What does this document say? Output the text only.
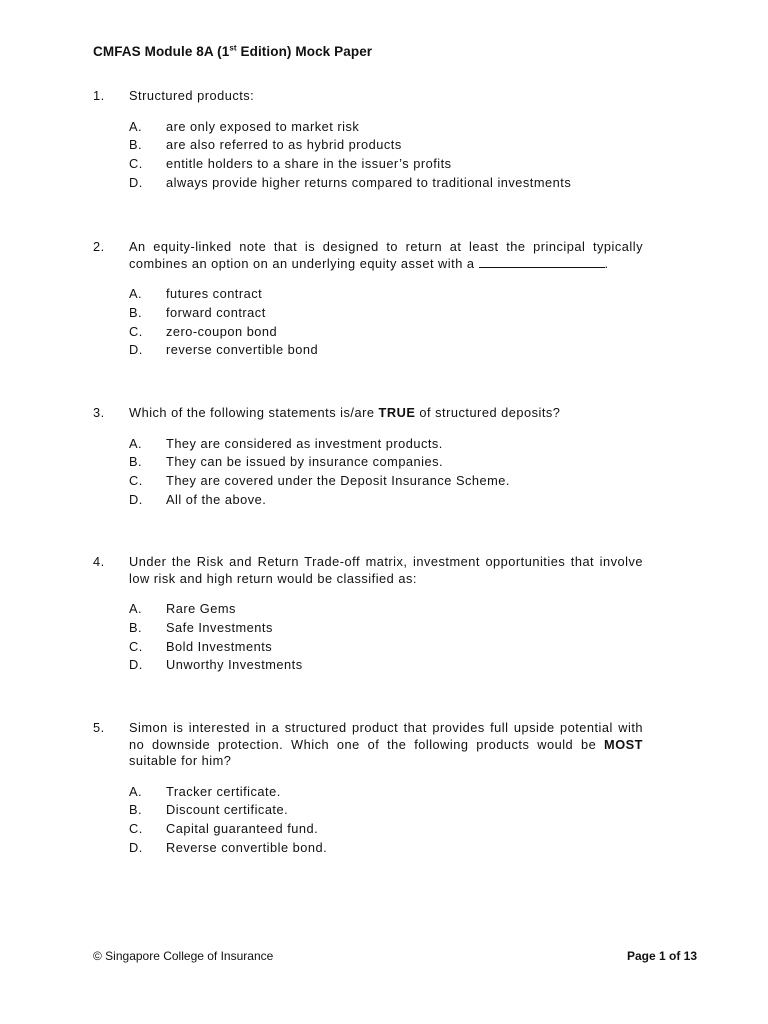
CMFAS Module 8A (1st Edition) Mock Paper
1. Structured products:
A. are only exposed to market risk
B. are also referred to as hybrid products
C. entitle holders to a share in the issuer’s profits
D. always provide higher returns compared to traditional investments
2. An equity-linked note that is designed to return at least the principal typically combines an option on an underlying equity asset with a	.
A. futures contract
B. forward contract
C. zero-coupon bond
D. reverse convertible bond
3. Which of the following statements is/are TRUE of structured deposits?
A. They are considered as investment products.
B. They can be issued by insurance companies.
C. They are covered under the Deposit Insurance Scheme.
D. All of the above.
4. Under the Risk and Return Trade-off matrix, investment opportunities that involve low risk and high return would be classified as:
A. Rare Gems
B. Safe Investments
C. Bold Investments
D. Unworthy Investments
5. Simon is interested in a structured product that provides full upside potential with no downside protection. Which one of the following products would be MOST suitable for him?
A. Tracker certificate.
B. Discount certificate.
C. Capital guaranteed fund.
D. Reverse convertible bond.
© Singapore College of Insurance	Page 1 of 13
